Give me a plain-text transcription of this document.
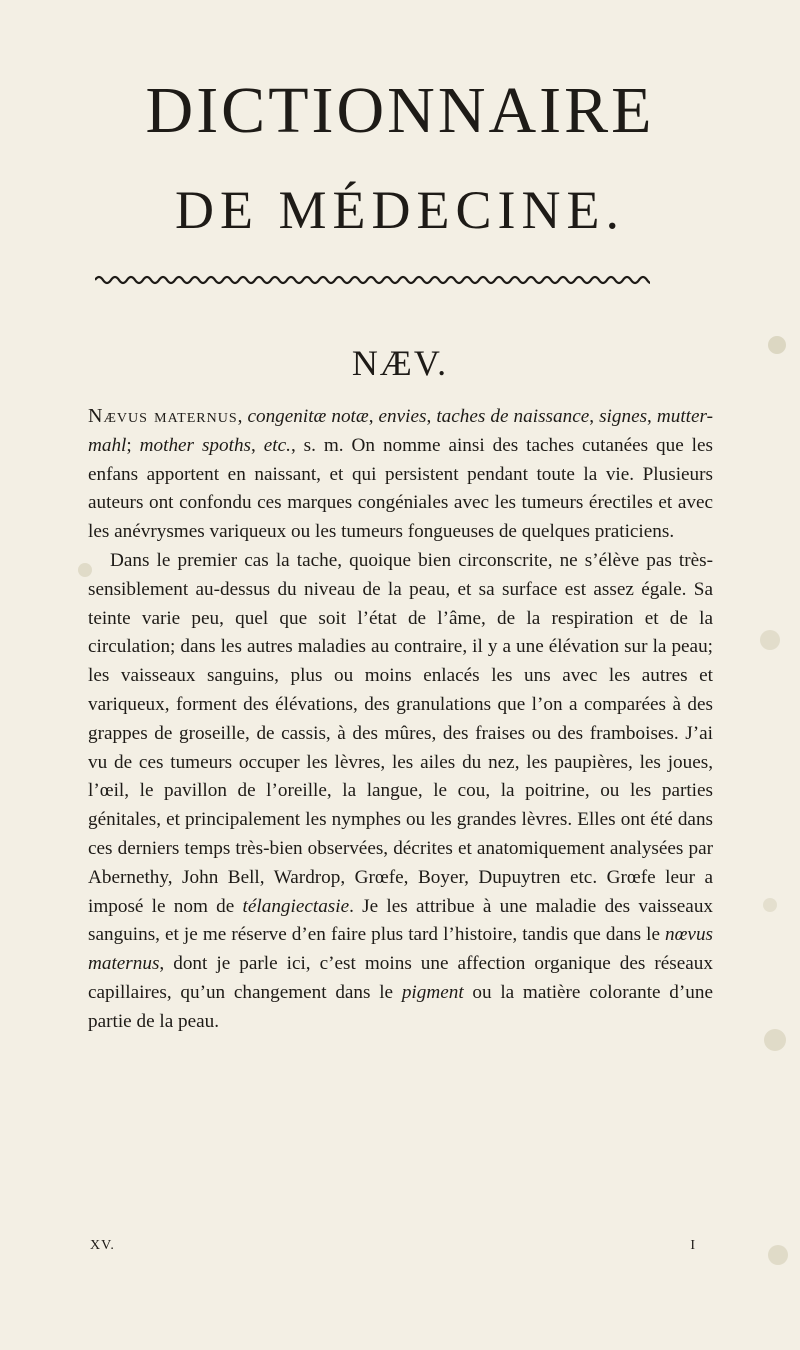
DICTIONNAIRE
DE MÉDECINE.
NÆV.

Nævus maternus, congenitæ notæ, envies, taches de naissance, signes, mutter-mahl; mother spoths, etc., s. m. On nomme ainsi des taches cutanées que les enfans apportent en naissant, et qui persistent pendant toute la vie. Plusieurs auteurs ont confondu ces marques congéniales avec les tumeurs érectiles et avec les anévrysmes variqueux ou les tumeurs fongueuses de quelques praticiens.

Dans le premier cas la tache, quoique bien circonscrite, ne s’élève pas très-sensiblement au-dessus du niveau de la peau, et sa surface est assez égale. Sa teinte varie peu, quel que soit l’état de l’âme, de la respiration et de la circulation; dans les autres maladies au contraire, il y a une élévation sur la peau; les vaisseaux sanguins, plus ou moins enlacés les uns avec les autres et variqueux, forment des élévations, des granulations que l’on a comparées à des grappes de groseille, de cassis, à des mûres, des fraises ou des framboises. J’ai vu de ces tumeurs occuper les lèvres, les ailes du nez, les paupières, les joues, l’œil, le pavillon de l’oreille, la langue, le cou, la poitrine, ou les parties génitales, et principalement les nymphes ou les grandes lèvres. Elles ont été dans ces derniers temps très-bien observées, décrites et anatomiquement analysées par Abernethy, John Bell, Wardrop, Grœfe, Boyer, Dupuytren etc. Grœfe leur a imposé le nom de télangiectasie. Je les attribue à une maladie des vaisseaux sanguins, et je me réserve d’en faire plus tard l’histoire, tandis que dans le nœvus maternus, dont je parle ici, c’est moins une affection organique des réseaux capillaires, qu’un changement dans le pigment ou la matière colorante d’une partie de la peau.

XV.	I
